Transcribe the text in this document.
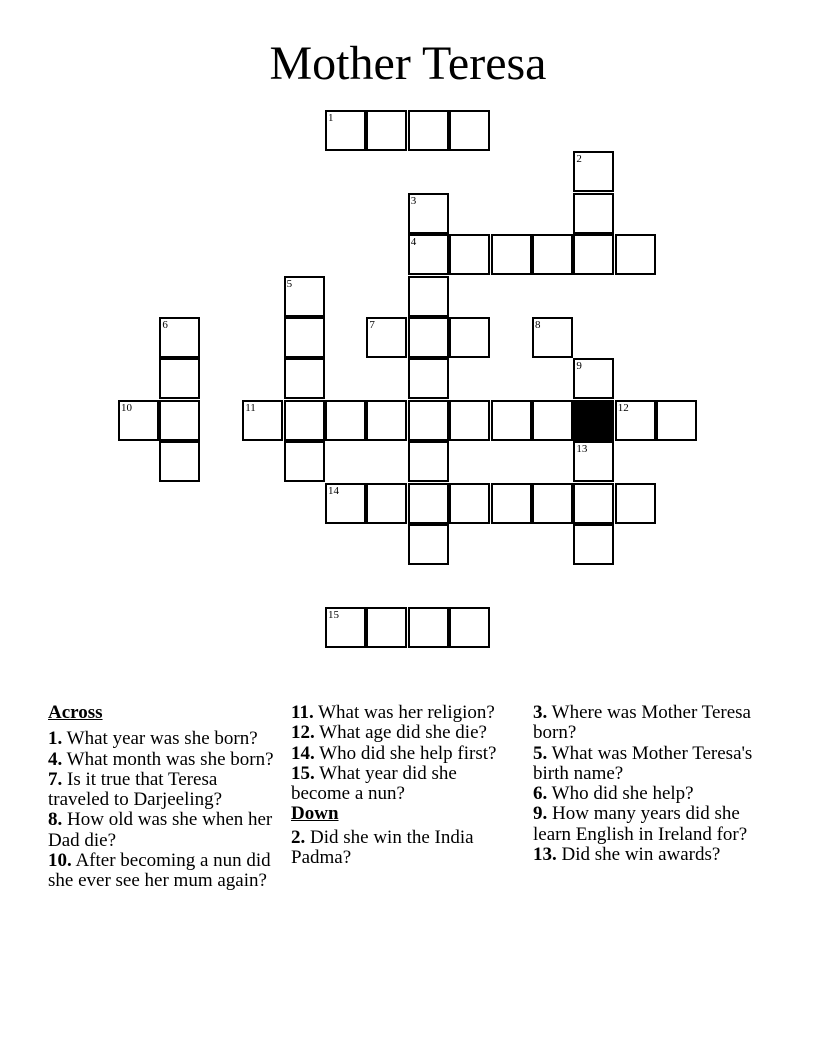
Mother Teresa
1
2
3
4
5
6	7	8
9
10	11	12
13
14
15
Across
1. What year was she born?
4. What month was she born?
7. Is it true that Teresa traveled to Darjeeling?
8. How old was she when her Dad die?
10. After becoming a nun did she ever see her mum again?
11. What was her religion?
12. What age did she die?
14. Who did she help first?
15. What year did she become a nun?
Down
2. Did she win the India Padma?
3. Where was Mother Teresa born?
5. What was Mother Teresa's birth name?
6. Who did she help?
9. How many years did she learn English in Ireland for?
13. Did she win awards?
